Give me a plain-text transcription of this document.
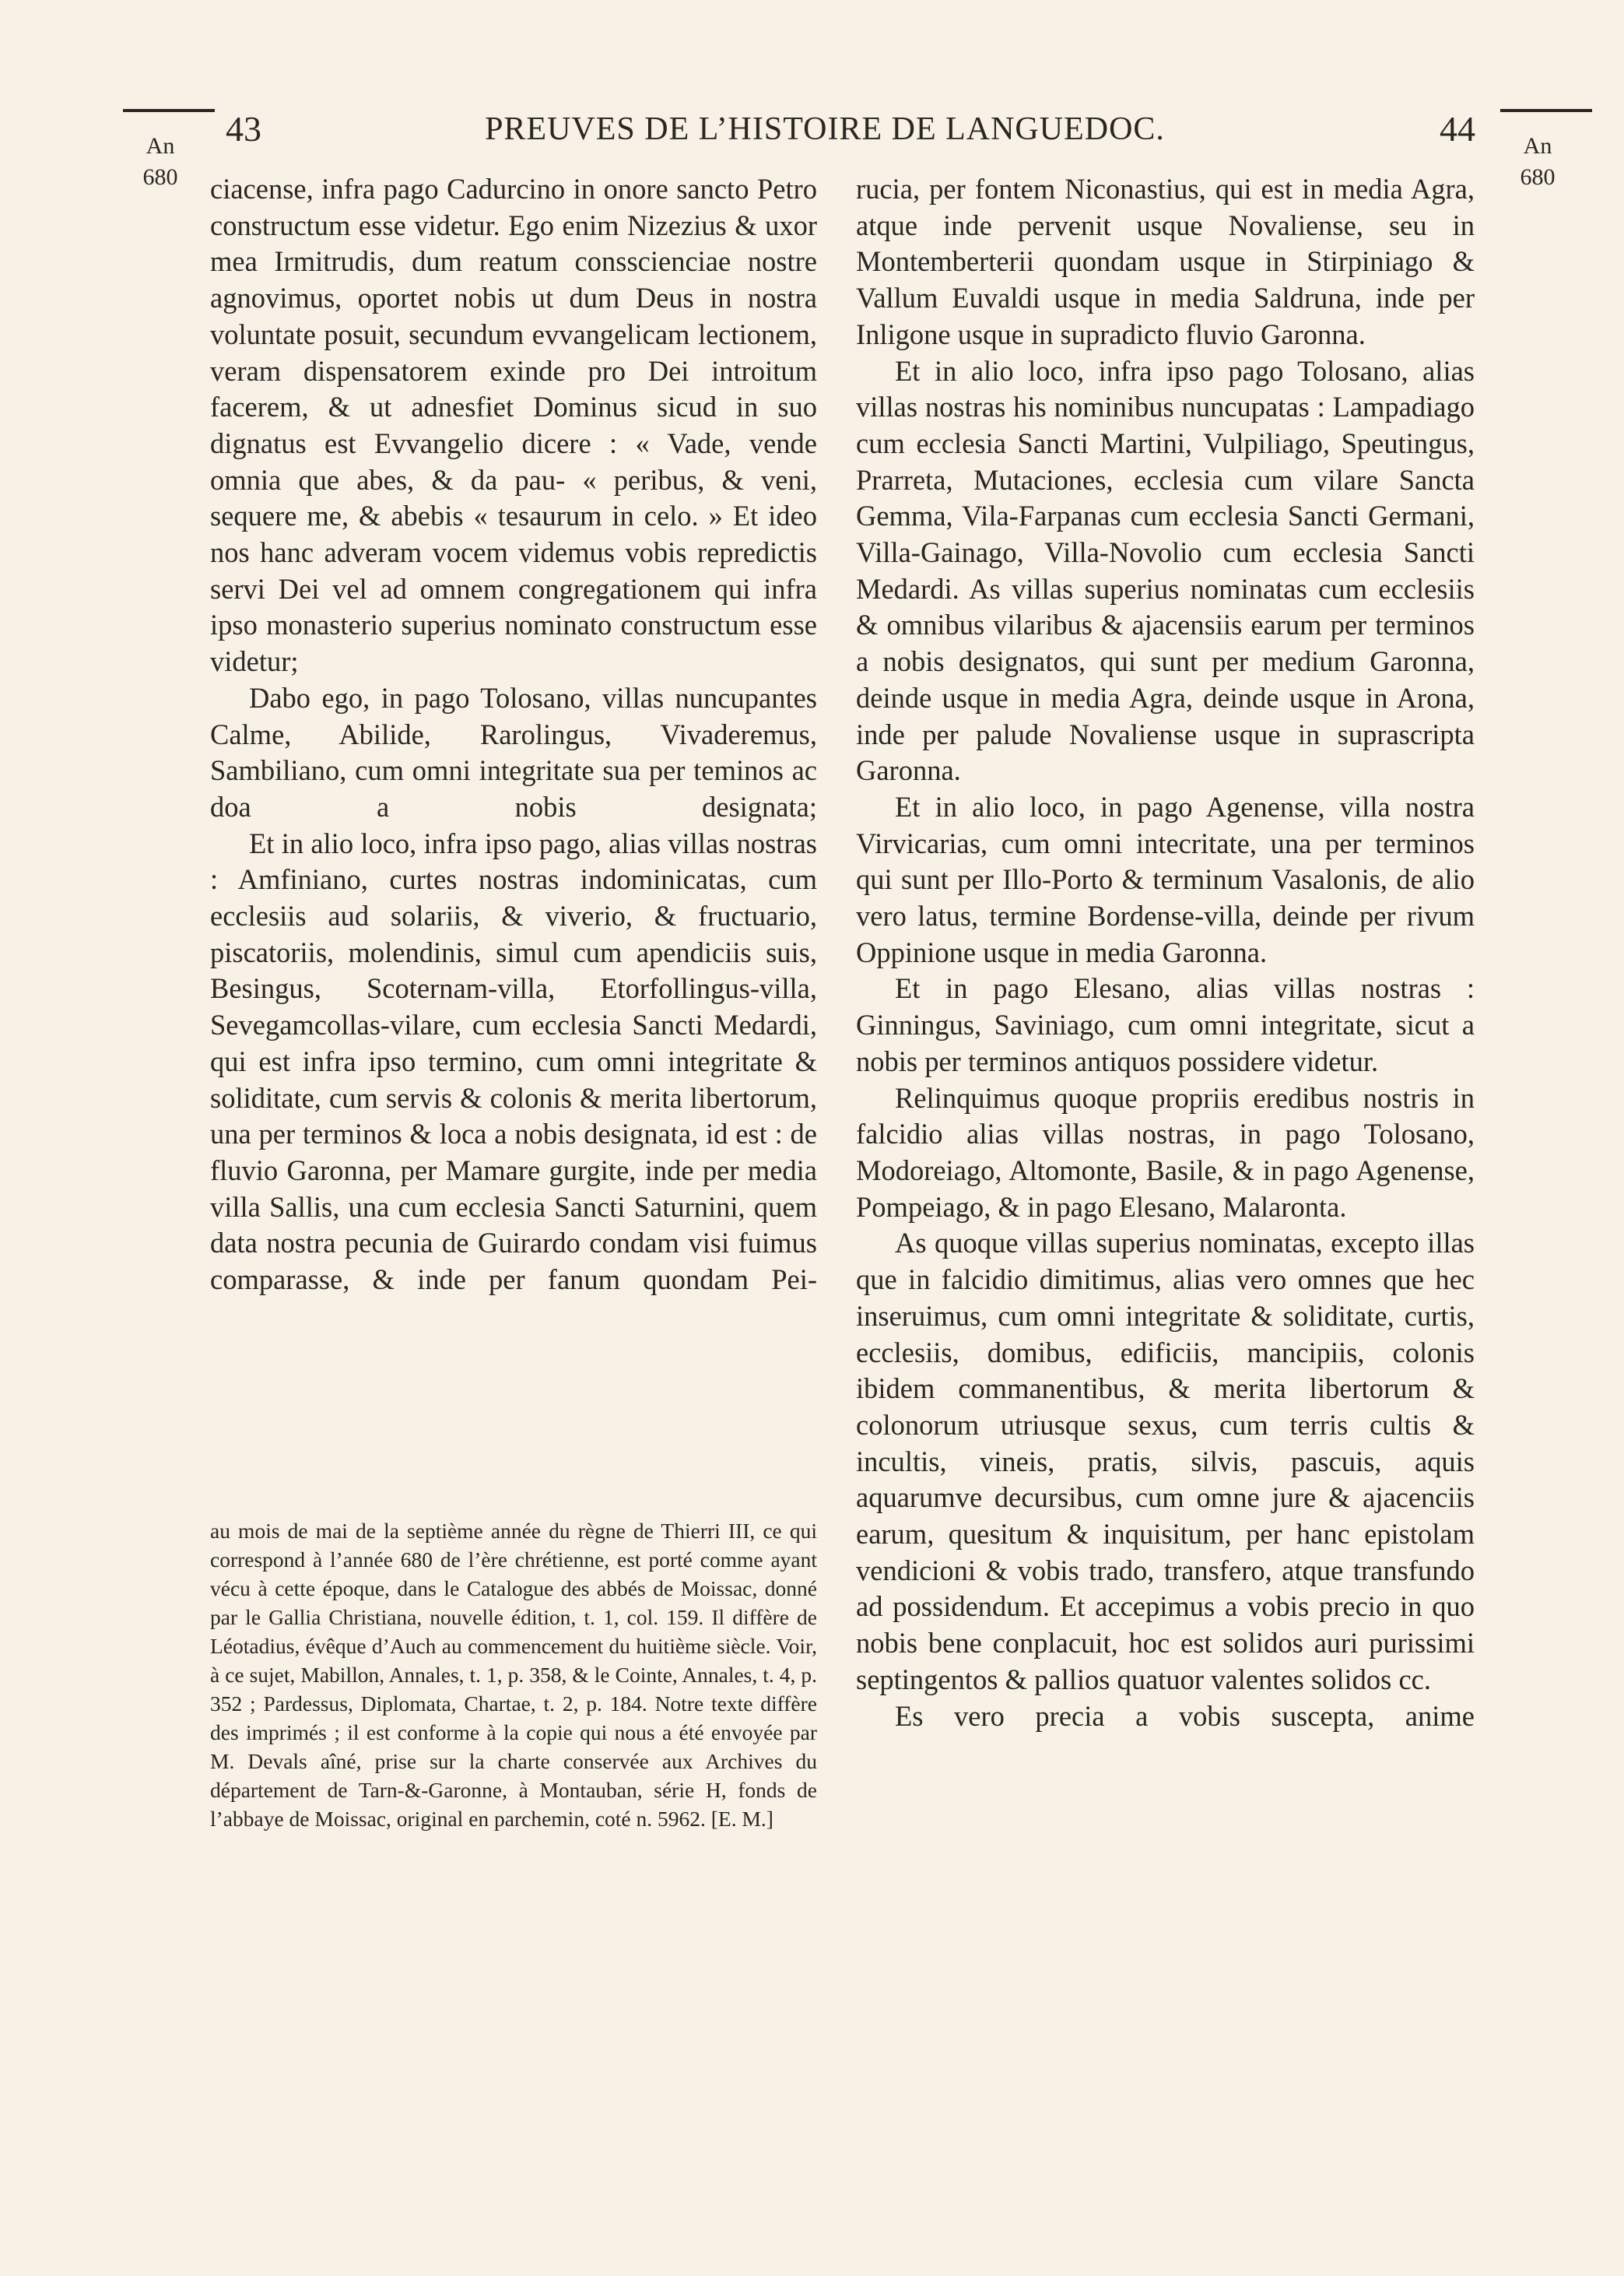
An
680
An
680
43	PREUVES DE L’HISTOIRE DE LANGUEDOC.	44

ciacense, infra pago Cadurcino in onore sancto Petro constructum esse videtur. Ego enim Nizezius & uxor mea Irmitrudis, dum reatum consscienciae nostre agnovimus, oportet nobis ut dum Deus in nostra voluntate posuit, secundum evvangelicam lectionem, veram dispensatorem exinde pro Dei introitum facerem, & ut adnesfiet Dominus sicud in suo dignatus est Evvangelio dicere : « Vade, vende omnia que abes, & da pau- « peribus, & veni, sequere me, & abebis « tesaurum in celo. » Et ideo nos hanc adveram vocem videmus vobis repredictis servi Dei vel ad omnem congregationem qui infra ipso monasterio superius nominato constructum esse videtur;

Dabo ego, in pago Tolosano, villas nuncupantes Calme, Abilide, Rarolingus, Vivaderemus, Sambiliano, cum omni integritate sua per teminos ac doa a nobis designata;

Et in alio loco, infra ipso pago, alias villas nostras : Amfiniano, curtes nostras indominicatas, cum ecclesiis aud solariis, & viverio, & fructuario, piscatoriis, molendinis, simul cum apendiciis suis, Besingus, Scoternam-villa, Etorfollingus-villa, Sevegamcollas-vilare, cum ecclesia Sancti Medardi, qui est infra ipso termino, cum omni integritate & soliditate, cum servis & colonis & merita libertorum, una per terminos & loca a nobis designata, id est : de fluvio Garonna, per Mamare gurgite, inde per media villa Sallis, una cum ecclesia Sancti Saturnini, quem data nostra pecunia de Guirardo condam visi fuimus comparasse, & inde per fanum quondam Pei-

au mois de mai de la septième année du règne de Thierri III, ce qui correspond à l’année 680 de l’ère chrétienne, est porté comme ayant vécu à cette époque, dans le Catalogue des abbés de Moissac, donné par le Gallia Christiana, nouvelle édition, t. 1, col. 159. Il diffère de Léotadius, évêque d’Auch au commencement du huitième siècle. Voir, à ce sujet, Mabillon, Annales, t. 1, p. 358, & le Cointe, Annales, t. 4, p. 352 ; Pardessus, Diplomata, Chartae, t. 2, p. 184. Notre texte diffère des imprimés ; il est conforme à la copie qui nous a été envoyée par M. Devals aîné, prise sur la charte conservée aux Archives du département de Tarn-&-Garonne, à Montauban, série H, fonds de l’abbaye de Moissac, original en parchemin, coté n. 5962. [E. M.]

rucia, per fontem Niconastius, qui est in media Agra, atque inde pervenit usque Novaliense, seu in Montemberterii quondam usque in Stirpiniago & Vallum Euvaldi usque in media Saldruna, inde per Inligone usque in supradicto fluvio Garonna.

Et in alio loco, infra ipso pago Tolosano, alias villas nostras his nominibus nuncupatas : Lampadiago cum ecclesia Sancti Martini, Vulpiliago, Speutingus, Prarreta, Mutaciones, ecclesia cum vilare Sancta Gemma, Vila-Farpanas cum ecclesia Sancti Germani, Villa-Gainago, Villa-Novolio cum ecclesia Sancti Medardi. As villas superius nominatas cum ecclesiis & omnibus vilaribus & ajacensiis earum per terminos a nobis designatos, qui sunt per medium Garonna, deinde usque in media Agra, deinde usque in Arona, inde per palude Novaliense usque in suprascripta Garonna.

Et in alio loco, in pago Agenense, villa nostra Virvicarias, cum omni intecritate, una per terminos qui sunt per Illo-Porto & terminum Vasalonis, de alio vero latus, termine Bordense-villa, deinde per rivum Oppinione usque in media Garonna.

Et in pago Elesano, alias villas nostras : Ginningus, Saviniago, cum omni integritate, sicut a nobis per terminos antiquos possidere videtur.

Relinquimus quoque propriis eredibus nostris in falcidio alias villas nostras, in pago Tolosano, Modoreiago, Altomonte, Basile, & in pago Agenense, Pompeiago, & in pago Elesano, Malaronta.

As quoque villas superius nominatas, excepto illas que in falcidio dimitimus, alias vero omnes que hec inseruimus, cum omni integritate & soliditate, curtis, ecclesiis, domibus, edificiis, mancipiis, colonis ibidem commanentibus, & merita libertorum & colonorum utriusque sexus, cum terris cultis & incultis, vineis, pratis, silvis, pascuis, aquis aquarumve decursibus, cum omne jure & ajacenciis earum, quesitum & inquisitum, per hanc epistolam vendicioni & vobis trado, transfero, atque transfundo ad possidendum. Et accepimus a vobis precio in quo nobis bene conplacuit, hoc est solidos auri purissimi septingentos & pallios quatuor valentes solidos cc.

Es vero precia a vobis suscepta, anime
